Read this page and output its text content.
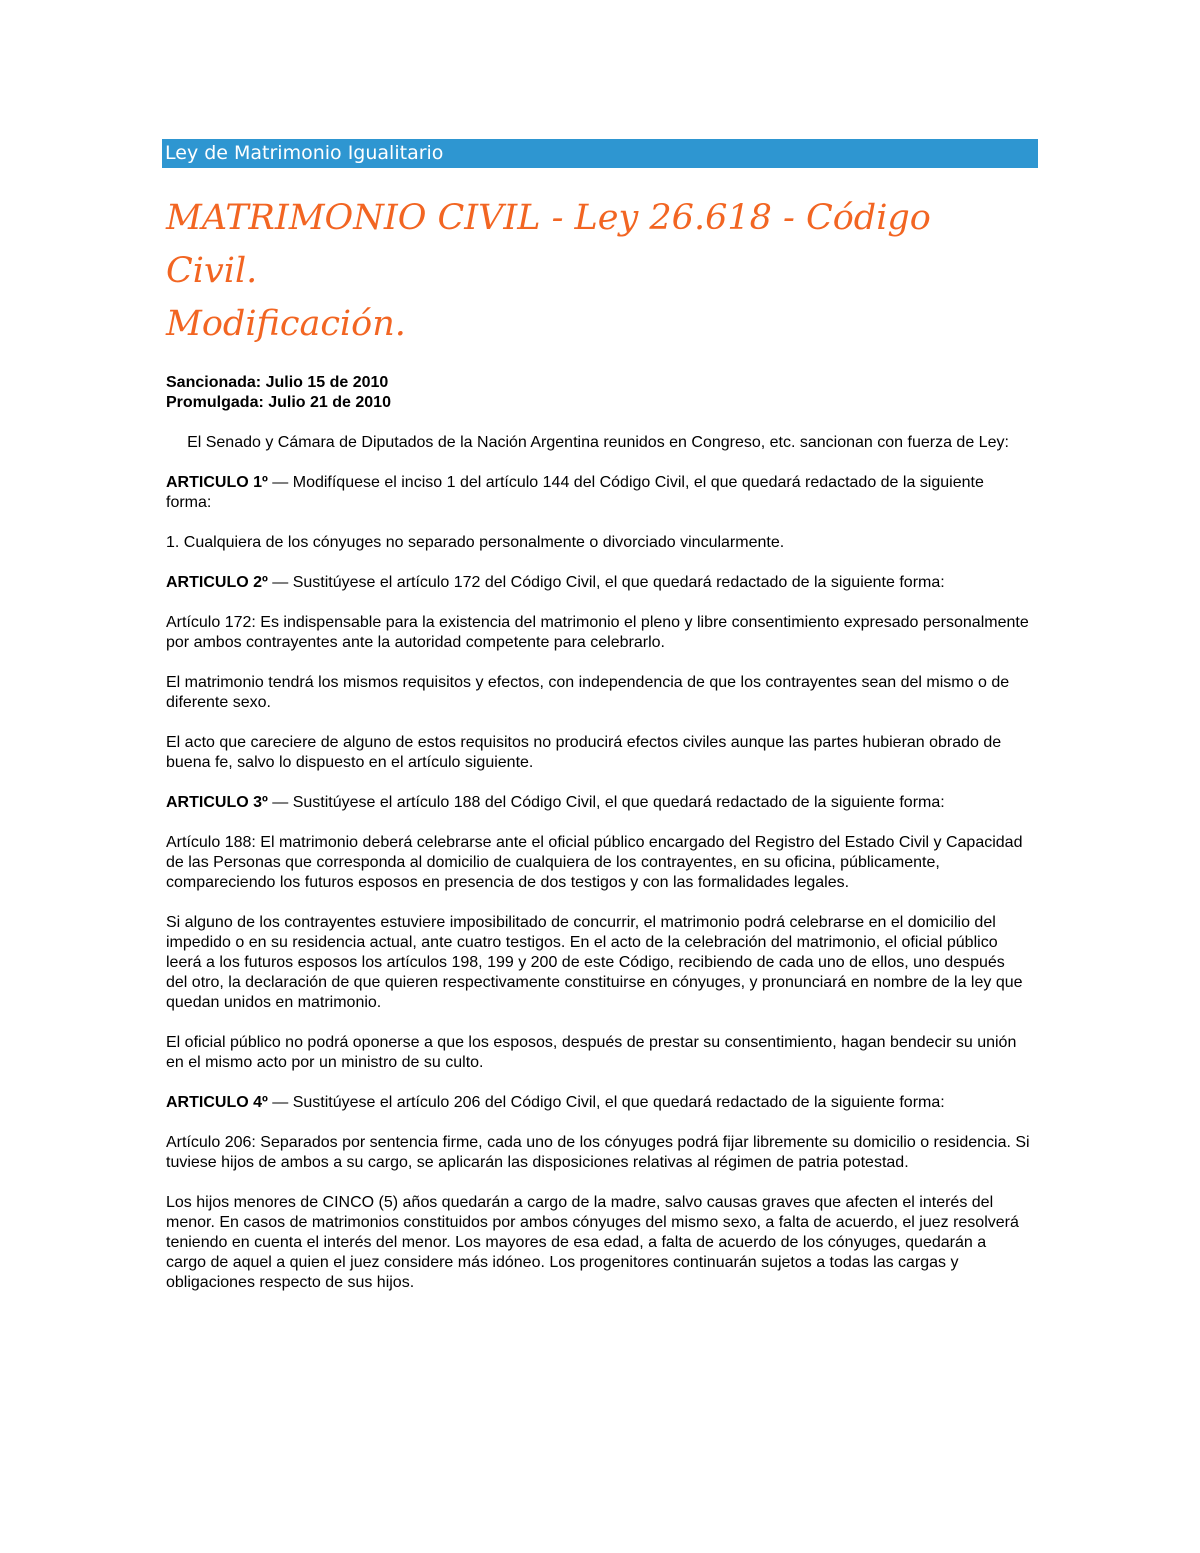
Ley de Matrimonio Igualitario
MATRIMONIO CIVIL - Ley 26.618 - Código Civil.
Modificación.
Sancionada: Julio 15 de 2010
Promulgada: Julio 21 de 2010

El Senado y Cámara de Diputados de la Nación Argentina reunidos en Congreso, etc. sancionan con fuerza de Ley:

ARTICULO 1º — Modifíquese el inciso 1 del artículo 144 del Código Civil, el que quedará redactado de la siguiente forma:

1. Cualquiera de los cónyuges no separado personalmente o divorciado vincularmente.

ARTICULO 2º — Sustitúyese el artículo 172 del Código Civil, el que quedará redactado de la siguiente forma:

Artículo 172: Es indispensable para la existencia del matrimonio el pleno y libre consentimiento expresado personalmente por ambos contrayentes ante la autoridad competente para celebrarlo.

El matrimonio tendrá los mismos requisitos y efectos, con independencia de que los contrayentes sean del mismo o de diferente sexo.

El acto que careciere de alguno de estos requisitos no producirá efectos civiles aunque las partes hubieran obrado de buena fe, salvo lo dispuesto en el artículo siguiente.

ARTICULO 3º — Sustitúyese el artículo 188 del Código Civil, el que quedará redactado de la siguiente forma:

Artículo 188: El matrimonio deberá celebrarse ante el oficial público encargado del Registro del Estado Civil y Capacidad de las Personas que corresponda al domicilio de cualquiera de los contrayentes, en su oficina, públicamente, compareciendo los futuros esposos en presencia de dos testigos y con las formalidades legales.

Si alguno de los contrayentes estuviere imposibilitado de concurrir, el matrimonio podrá celebrarse en el domicilio del impedido o en su residencia actual, ante cuatro testigos. En el acto de la celebración del matrimonio, el oficial público leerá a los futuros esposos los artículos 198, 199 y 200 de este Código, recibiendo de cada uno de ellos, uno después del otro, la declaración de que quieren respectivamente constituirse en cónyuges, y pronunciará en nombre de la ley que quedan unidos en matrimonio.

El oficial público no podrá oponerse a que los esposos, después de prestar su consentimiento, hagan bendecir su unión en el mismo acto por un ministro de su culto.

ARTICULO 4º — Sustitúyese el artículo 206 del Código Civil, el que quedará redactado de la siguiente forma:

Artículo 206: Separados por sentencia firme, cada uno de los cónyuges podrá fijar libremente su domicilio o residencia. Si tuviese hijos de ambos a su cargo, se aplicarán las disposiciones relativas al régimen de patria potestad.

Los hijos menores de CINCO (5) años quedarán a cargo de la madre, salvo causas graves que afecten el interés del menor. En casos de matrimonios constituidos por ambos cónyuges del mismo sexo, a falta de acuerdo, el juez resolverá teniendo en cuenta el interés del menor. Los mayores de esa edad, a falta de acuerdo de los cónyuges, quedarán a cargo de aquel a quien el juez considere más idóneo. Los progenitores continuarán sujetos a todas las cargas y obligaciones respecto de sus hijos.
